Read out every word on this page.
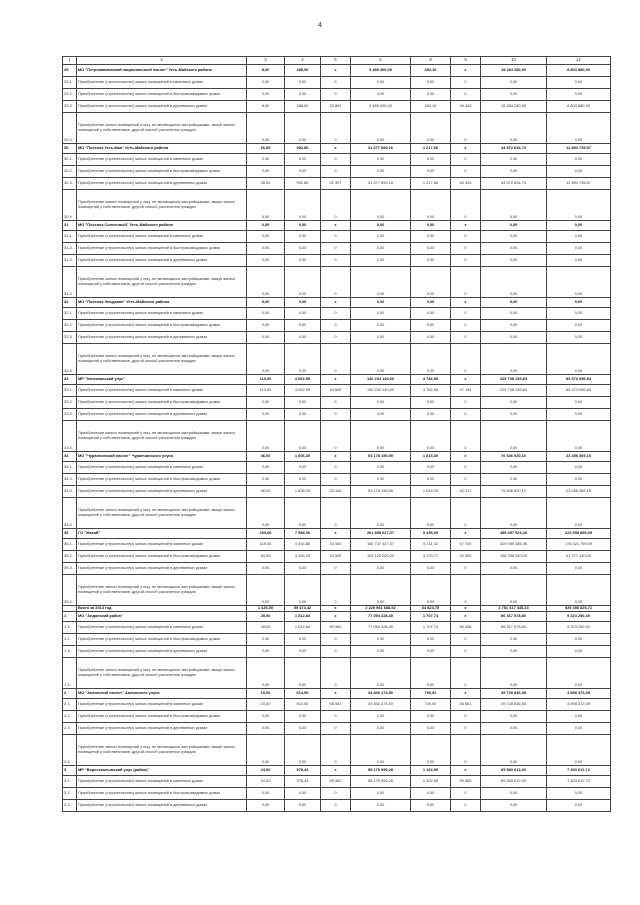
4
1	2	3	4	5	6	8	9	10	12
29	МО "Петропавловский национальный наслег" Усть-Майского района	8,00	288,50	x	9 489 400,00	452,10	x	18 284 280,30	8 803 880,30
29.1.	Приобретение (строительство) жилых помещений в каменных домах	0,00	0,00	0	0,00	0,00	0	0,00	0,00
29.2.	Приобретение (строительство) жилых помещений в быстровозводимых домах	0,00	0,00	0	0,00	0,00	0	0,00	0,00
29.3.	Приобретение (строительство) жилых помещений в деревянных домах	8,00	288,50	32 891	9 489 400,00	452,10	40 443	18 284 280,30	8 803 880,30
29.4.	Приобретение жилых помещений у лиц, не являющихся застройщиками, выкуп жилых помещений у собственников, другой способ расселения граждан	0,00	0,00	0	0,00	0,00	0	0,00	0,00
30	МО "Поселок Усть-Мая" Усть-Майского района	26,00	992,80	x	31 677 899,16	1 217,66	x	44 572 634,73	12 894 735,57
30.1.	Приобретение (строительство) жилых помещений в каменных домах	0,00	0,00	0	0,00	0,00	0	0,00	0,00
30.2.	Приобретение (строительство) жилых помещений в быстровозводимых домах	0,00	0,00	0	0,00	0,00	0	0,00	0,00
30.3.	Приобретение (строительство) жилых помещений в деревянных домах	26,00	992,80	31 907	31 677 899,16	1 217,66	40 443	44 572 634,73	12 894 735,57
30.4.	Приобретение жилых помещений у лиц, не являющихся застройщиками, выкуп жилых помещений у собственников, другой способ расселения граждан	0,00	0,00	0	0,00	0,00	0	0,00	0,00
31	МО "Поселок Солнечный" Усть-Майского района	0,00	0,00	x	0,00	0,00	x	0,00	0,00
31.1.	Приобретение (строительство) жилых помещений в каменных домах	0,00	0,00	0	0,00	0,00	0	0,00	0,00
31.2.	Приобретение (строительство) жилых помещений в быстровозводимых домах	0,00	0,00	0	0,00	0,00	0	0,00	0,00
31.3.	Приобретение (строительство) жилых помещений в деревянных домах	0,00	0,00	0	0,00	0,00	0	0,00	0,00
31.4.	Приобретение жилых помещений у лиц, не являющихся застройщиками, выкуп жилых помещений у собственников, другой способ расселения граждан	0,00	0,00	0	0,00	0,00	0	0,00	0,00
32	МО "Поселок Эльдикан" Усть-Майского района	0,00	0,00	x	0,00	0,00	x	0,00	0,00
32.1.	Приобретение (строительство) жилых помещений в каменных домах	0,00	0,00	0	0,00	0,00	0	0,00	0,00
32.2.	Приобретение (строительство) жилых помещений в быстровозводимых домах	0,00	0,00	0	0,00	0,00	0	0,00	0,00
32.3.	Приобретение (строительство) жилых помещений в деревянных домах	0,00	0,00	0	0,00	0,00	0	0,00	0,00
32.4.	Приобретение жилых помещений у лиц, не являющихся застройщиками, выкуп жилых помещений у собственников, другой способ расселения граждан	0,00	0,00	0	0,00	0,00	0	0,00	0,00
33	МР "Хангаласский улус"	113,00	4 062,55	x	140 234 140,00	4 782,56	x	225 708 136,84	85 373 996,84
33.1.	Приобретение (строительство) жилых помещений в каменных домах	113,00	4 062,55	34 600	140 234 140,00	4 782,56	47 194	225 708 136,84	85 373 996,84
33.2.	Приобретение (строительство) жилых помещений в быстровозводимых домах	0,00	0,00	0	0,00	0,00	0	0,00	0,00
33.3.	Приобретение (строительство) жилых помещений в деревянных домах	0,00	0,00	0	0,00	0,00	0	0,00	0,00
33.4.	Приобретение жилых помещений у лиц, не являющихся застройщиками, выкуп жилых помещений у собственников, другой способ расселения граждан	0,00	0,00	0	0,00	0,00	0	0,00	0,00
34	МО "Чурапчинский наслег" Чурапчинского улуса	46,00	1 606,30	x	53 178 150,95	1 815,30	x	76 636 520,10	23 458 369,15
34.1.	Приобретение (строительство) жилых помещений в каменных домах	0,00	0,00	0	0,00	0,00	0	0,00	0,00
34.2.	Приобретение (строительство) жилых помещений в быстровозводимых домах	0,00	0,00	0	0,00	0,00	0	0,00	0,00
34.3.	Приобретение (строительство) жилых помещений в деревянных домах	46,00	1 606,30	33 106	53 178 150,95	1 815,30	42 217	76 636 520,10	23 458 369,15
34.4.	Приобретение жилых помещений у лиц, не являющихся застройщиками, выкуп жилых помещений у собственников, другой способ расселения граждан	0,00	0,00	0	0,00	0,00	0	0,00	0,00
35	ГО "Жатай"	203,00	7 589,06	x	261 858 627,37	9 435,09	x	485 457 523,46	223 598 896,09
35.1.	Приобретение (строительство) жилых помещений в каменных домах	119,00	4 434,86	34 440	152 737 427,37	5 711,32	57 700	329 059 186,46	176 321 759,09
35.2.	Приобретение (строительство) жилых помещений в быстровозводимых домах	84,00	3 154,20	34 595	109 120 200,00	3 723,77	42 000	156 398 340,00	47 277 140,00
35.3.	Приобретение (строительство) жилых помещений в деревянных домах	0,00	0,00	0	0,00	0,00	0	0,00	0,00
35.4.	Приобретение жилых помещений у лиц, не являющихся застройщиками, выкуп жилых помещений у собственников, другой способ расселения граждан	0,00	0,00	0	0,00	0,00	0	0,00	0,00
	Всего за 2014 год	1 426,00	55 474,42	x	2 225 961 688,52	64 823,75	x	2 751 417 445,23	525 455 826,71
1	МО "Алданский район"	28,00	1 512,84	x	77 094 328,40	1 707,74	x	86 317 578,80	9 223 250,40
1.1.	Приобретение (строительство) жилых помещений в каменных домах	28,00	1 512,84	50 960	77 094 328,40	1 707,74	50 545	86 317 578,80	9 223 250,40
1.2.	Приобретение (строительство) жилых помещений в быстровозводимых домах	0,00	0,00	0	0,00	0,00	0	0,00	0,00
1.3.	Приобретение (строительство) жилых помещений в деревянных домах	0,00	0,00	0	0,00	0,00	0	0,00	0,00
1.4.	Приобретение жилых помещений у лиц, не являющихся застройщиками, выкуп жилых помещений у собственников, другой способ расселения граждан	0,00	0,00	0	0,00	0,00	0	0,00	0,00
2	МО "Амгинский наслег" Амгинского улуса	19,00	614,50	x	34 830 474,50	700,92	x	39 728 846,58	4 898 372,08
2.1.	Приобретение (строительство) жилых помещений в каменных домах	19,00	614,50	56 681	34 830 474,50	700,92	56 681	39 728 846,58	4 898 372,08
2.2.	Приобретение (строительство) жилых помещений в быстровозводимых домах	0,00	0,00	0	0,00	0,00	0	0,00	0,00
2.3.	Приобретение (строительство) жилых помещений в деревянных домах	0,00	0,00	0	0,00	0,00	0	0,00	0,00
2.4.	Приобретение жилых помещений у лиц, не являющихся застройщиками, выкуп жилых помещений у собственников, другой способ расселения граждан	0,00	0,00	0	0,00	0,00	0	0,00	0,00
3	МР "Верхнеколымский улус (район)"	24,00	978,44	x	58 179 999,28	1 102,95	x	65 583 612,00	7 403 612,72
3.1.	Приобретение (строительство) жилых помещений в каменных домах	24,00	978,44	59 462	58 179 999,28	1 102,95	59 462	65 583 612,00	7 403 612,72
3.2.	Приобретение (строительство) жилых помещений в быстровозводимых домах	0,00	0,00	0	0,00	0,00	0	0,00	0,00
3.3.	Приобретение (строительство) жилых помещений в деревянных домах	0,00	0,00	0	0,00	0,00	0	0,00	0,00
